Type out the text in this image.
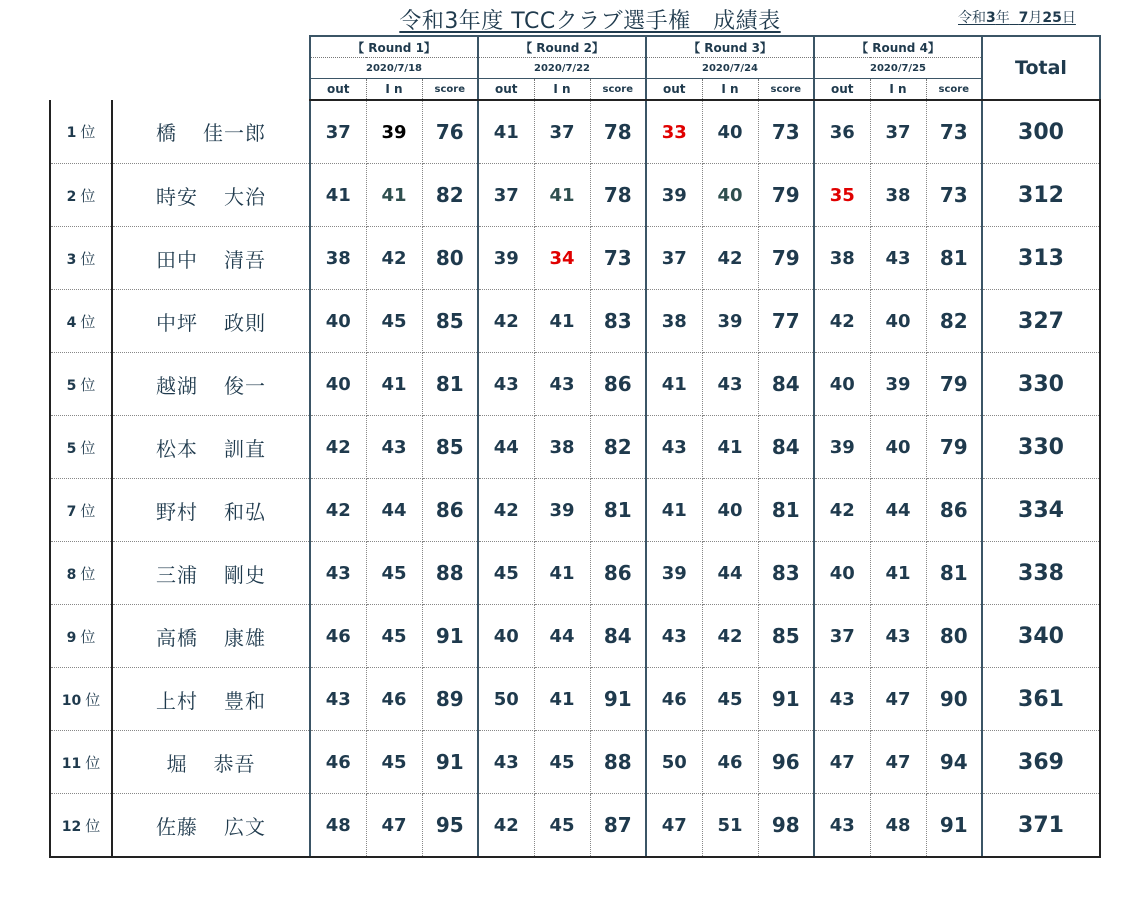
令和3年度 TCCクラブ選手権　成績表	令和3年 7月25日
		【 Round 1】			【 Round 2】			【 Round 3】			【 Round 4】			Total
		2020/7/18			2020/7/22			2020/7/24			2020/7/25			
		out	I n	score	out	I n	score	out	I n	score	out	I n	score	
1 位	橋 佳一郎	37	39	76	41	37	78	33	40	73	36	37	73	300
2 位	時安 大治	41	41	82	37	41	78	39	40	79	35	38	73	312
3 位	田中 清吾	38	42	80	39	34	73	37	42	79	38	43	81	313
4 位	中坪 政則	40	45	85	42	41	83	38	39	77	42	40	82	327
5 位	越湖 俊一	40	41	81	43	43	86	41	43	84	40	39	79	330
5 位	松本 訓直	42	43	85	44	38	82	43	41	84	39	40	79	330
7 位	野村 和弘	42	44	86	42	39	81	41	40	81	42	44	86	334
8 位	三浦 剛史	43	45	88	45	41	86	39	44	83	40	41	81	338
9 位	高橋 康雄	46	45	91	40	44	84	43	42	85	37	43	80	340
10 位	上村 豊和	43	46	89	50	41	91	46	45	91	43	47	90	361
11 位	堀 恭吾	46	45	91	43	45	88	50	46	96	47	47	94	369
12 位	佐藤 広文	48	47	95	42	45	87	47	51	98	43	48	91	371
